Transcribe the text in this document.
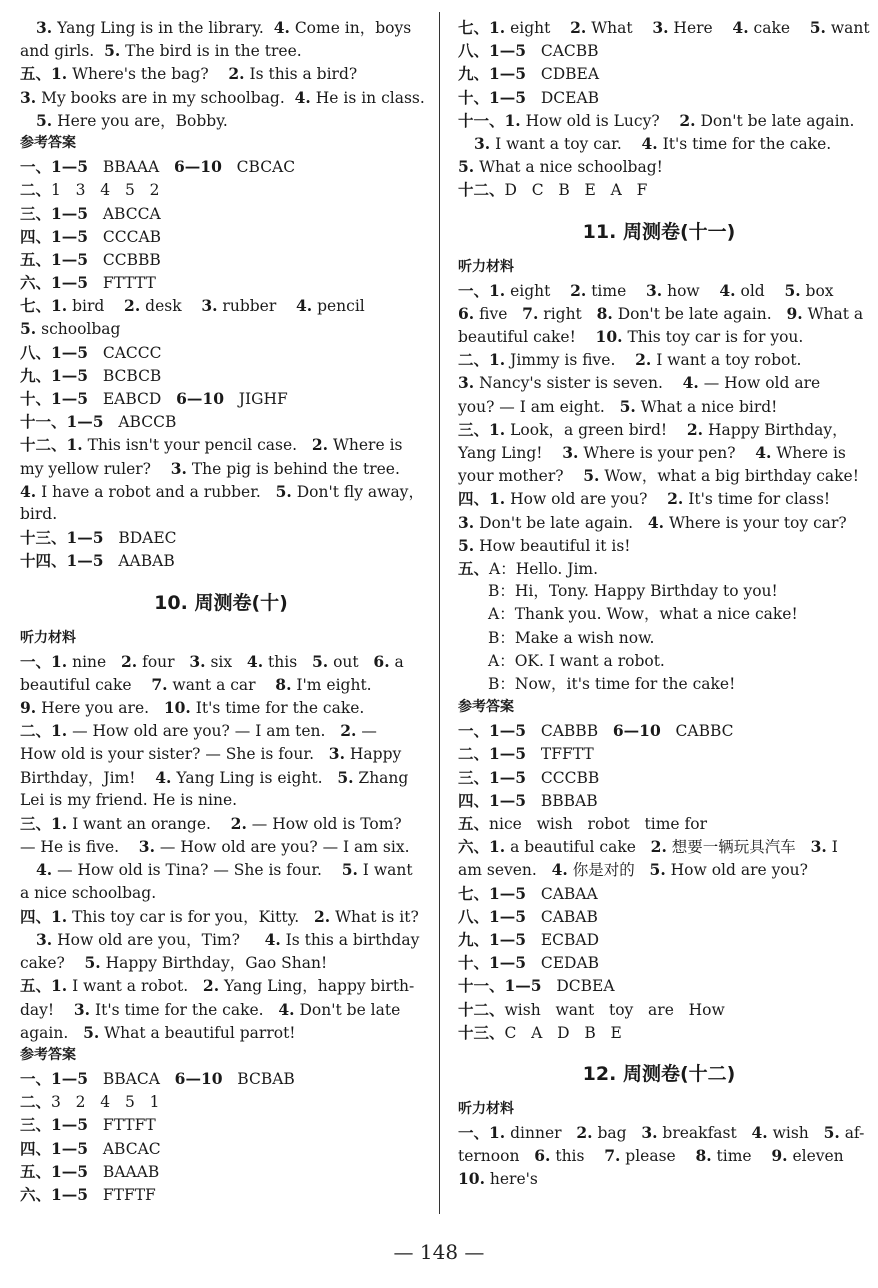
3. Yang Ling is in the library.  4. Come in，boys
and girls.  5. The bird is in the tree.
五、1. Where's the bag?    2. Is this a bird?
3. My books are in my schoolbag.  4. He is in class.
5. Here you are，Bobby.
参考答案
一、1—5   BBAAA   6—10   CBCAC
二、1   3   4   5   2
三、1—5   ABCCA
四、1—5   CCCAB
五、1—5   CCBBB
六、1—5   FTTTT
七、1. bird    2. desk    3. rubber    4. pencil
5. schoolbag
八、1—5   CACCC
九、1—5   BCBCB
十、1—5   EABCD   6—10   JIGHF
十一、1—5   ABCCB
十二、1. This isn't your pencil case.   2. Where is
my yellow ruler?    3. The pig is behind the tree.
4. I have a robot and a rubber.   5. Don't fly away，
bird.
十三、1—5   BDAEC
十四、1—5   AABAB
10. 周测卷(十)
听力材料
一、1. nine   2. four   3. six   4. this   5. out   6. a
beautiful cake    7. want a car    8. I'm eight.
9. Here you are.   10. It's time for the cake.
二、1. — How old are you? — I am ten.   2. —
How old is your sister? — She is four.   3. Happy
Birthday，Jim!    4. Yang Ling is eight.   5. Zhang
Lei is my friend. He is nine.
三、1. I want an orange.    2. — How old is Tom?
— He is five.    3. — How old are you? — I am six.
4. — How old is Tina? — She is four.    5. I want
a nice schoolbag.
四、1. This toy car is for you，Kitty.   2. What is it?
3. How old are you，Tim?     4. Is this a birthday
cake?    5. Happy Birthday，Gao Shan!
五、1. I want a robot.   2. Yang Ling，happy birth-
day!    3. It's time for the cake.   4. Don't be late
again.   5. What a beautiful parrot!
参考答案
一、1—5   BBACA   6—10   BCBAB
二、3   2   4   5   1
三、1—5   FTTFT
四、1—5   ABCAC
五、1—5   BAAAB
六、1—5   FTFTF
七、1. eight    2. What    3. Here    4. cake    5. want
八、1—5   CACBB
九、1—5   CDBEA
十、1—5   DCEAB
十一、1. How old is Lucy?    2. Don't be late again.
3. I want a toy car.    4. It's time for the cake.
5. What a nice schoolbag!
十二、D   C   B   E   A   F
11. 周测卷(十一)
听力材料
一、1. eight    2. time    3. how    4. old    5. box
6. five   7. right   8. Don't be late again.   9. What a
beautiful cake!    10. This toy car is for you.
二、1. Jimmy is five.    2. I want a toy robot.
3. Nancy's sister is seven.    4. — How old are
you? — I am eight.   5. What a nice bird!
三、1. Look，a green bird!    2. Happy Birthday，
Yang Ling!    3. Where is your pen?    4. Where is
your mother?    5. Wow，what a big birthday cake!
四、1. How old are you?    2. It's time for class!
3. Don't be late again.   4. Where is your toy car?
5. How beautiful it is!
五、A：Hello. Jim.
B：Hi，Tony. Happy Birthday to you!
A：Thank you. Wow，what a nice cake!
B：Make a wish now.
A：OK. I want a robot.
B：Now，it's time for the cake!
参考答案
一、1—5   CABBB   6—10   CABBC
二、1—5   TFFTT
三、1—5   CCCBB
四、1—5   BBBAB
五、nice   wish   robot   time for
六、1. a beautiful cake   2. 想要一辆玩具汽车   3. I
am seven.   4. 你是对的   5. How old are you?
七、1—5   CABAA
八、1—5   CABAB
九、1—5   ECBAD
十、1—5   CEDAB
十一、1—5   DCBEA
十二、wish   want   toy   are   How
十三、C   A   D   B   E
12. 周测卷(十二)
听力材料
一、1. dinner   2. bag   3. breakfast   4. wish   5. af-
ternoon   6. this    7. please    8. time    9. eleven
10. here's
— 148 —
